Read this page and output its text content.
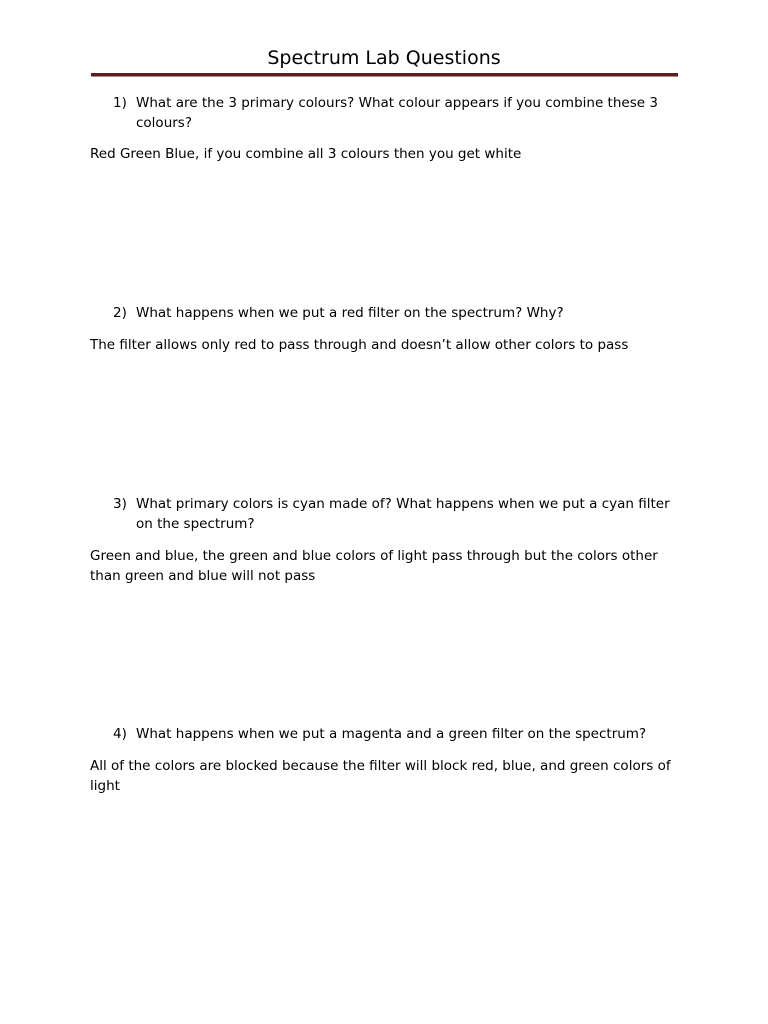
Spectrum Lab Questions
1) What are the 3 primary colours? What colour appears if you combine these 3 colours?

Red Green Blue, if you combine all 3 colours then you get white

2) What happens when we put a red filter on the spectrum? Why?

The filter allows only red to pass through and doesn’t allow other colors to pass

3) What primary colors is cyan made of? What happens when we put a cyan filter on the spectrum?

Green and blue, the green and blue colors of light pass through but the colors other than green and blue will not pass

4) What happens when we put a magenta and a green filter on the spectrum?

All of the colors are blocked because the filter will block red, blue, and green colors of light
